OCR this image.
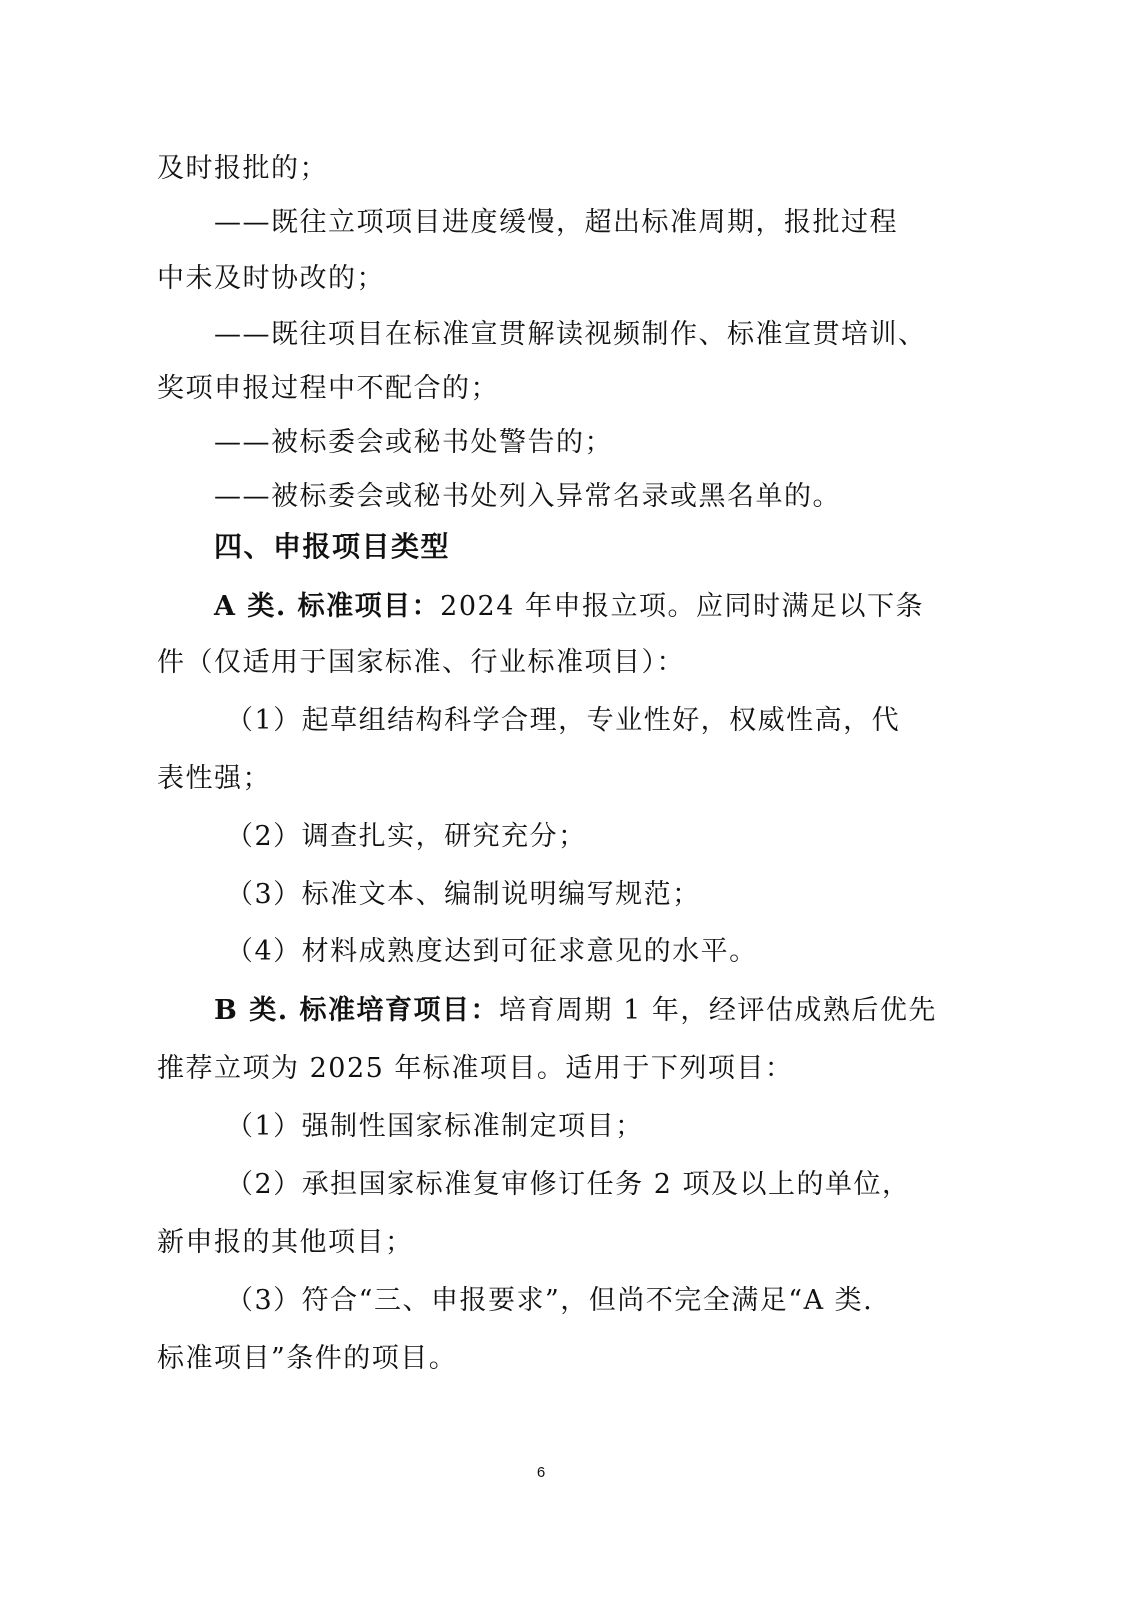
及时报批的；
——既往立项项目进度缓慢，超出标准周期，报批过程
中未及时协改的；
——既往项目在标准宣贯解读视频制作、标准宣贯培训、
奖项申报过程中不配合的；
——被标委会或秘书处警告的；
——被标委会或秘书处列入异常名录或黑名单的。
四、申报项目类型
A 类. 标准项目：2024 年申报立项。应同时满足以下条
件（仅适用于国家标准、行业标准项目）：
（1）起草组结构科学合理，专业性好，权威性高，代
表性强；
（2）调查扎实，研究充分；
（3）标准文本、编制说明编写规范；
（4）材料成熟度达到可征求意见的水平。
B 类. 标准培育项目：培育周期 1 年，经评估成熟后优先
推荐立项为 2025 年标准项目。适用于下列项目：
（1）强制性国家标准制定项目；
（2）承担国家标准复审修订任务 2 项及以上的单位，
新申报的其他项目；
（3）符合“三、申报要求”，但尚不完全满足“A 类.
标准项目”条件的项目。
6
